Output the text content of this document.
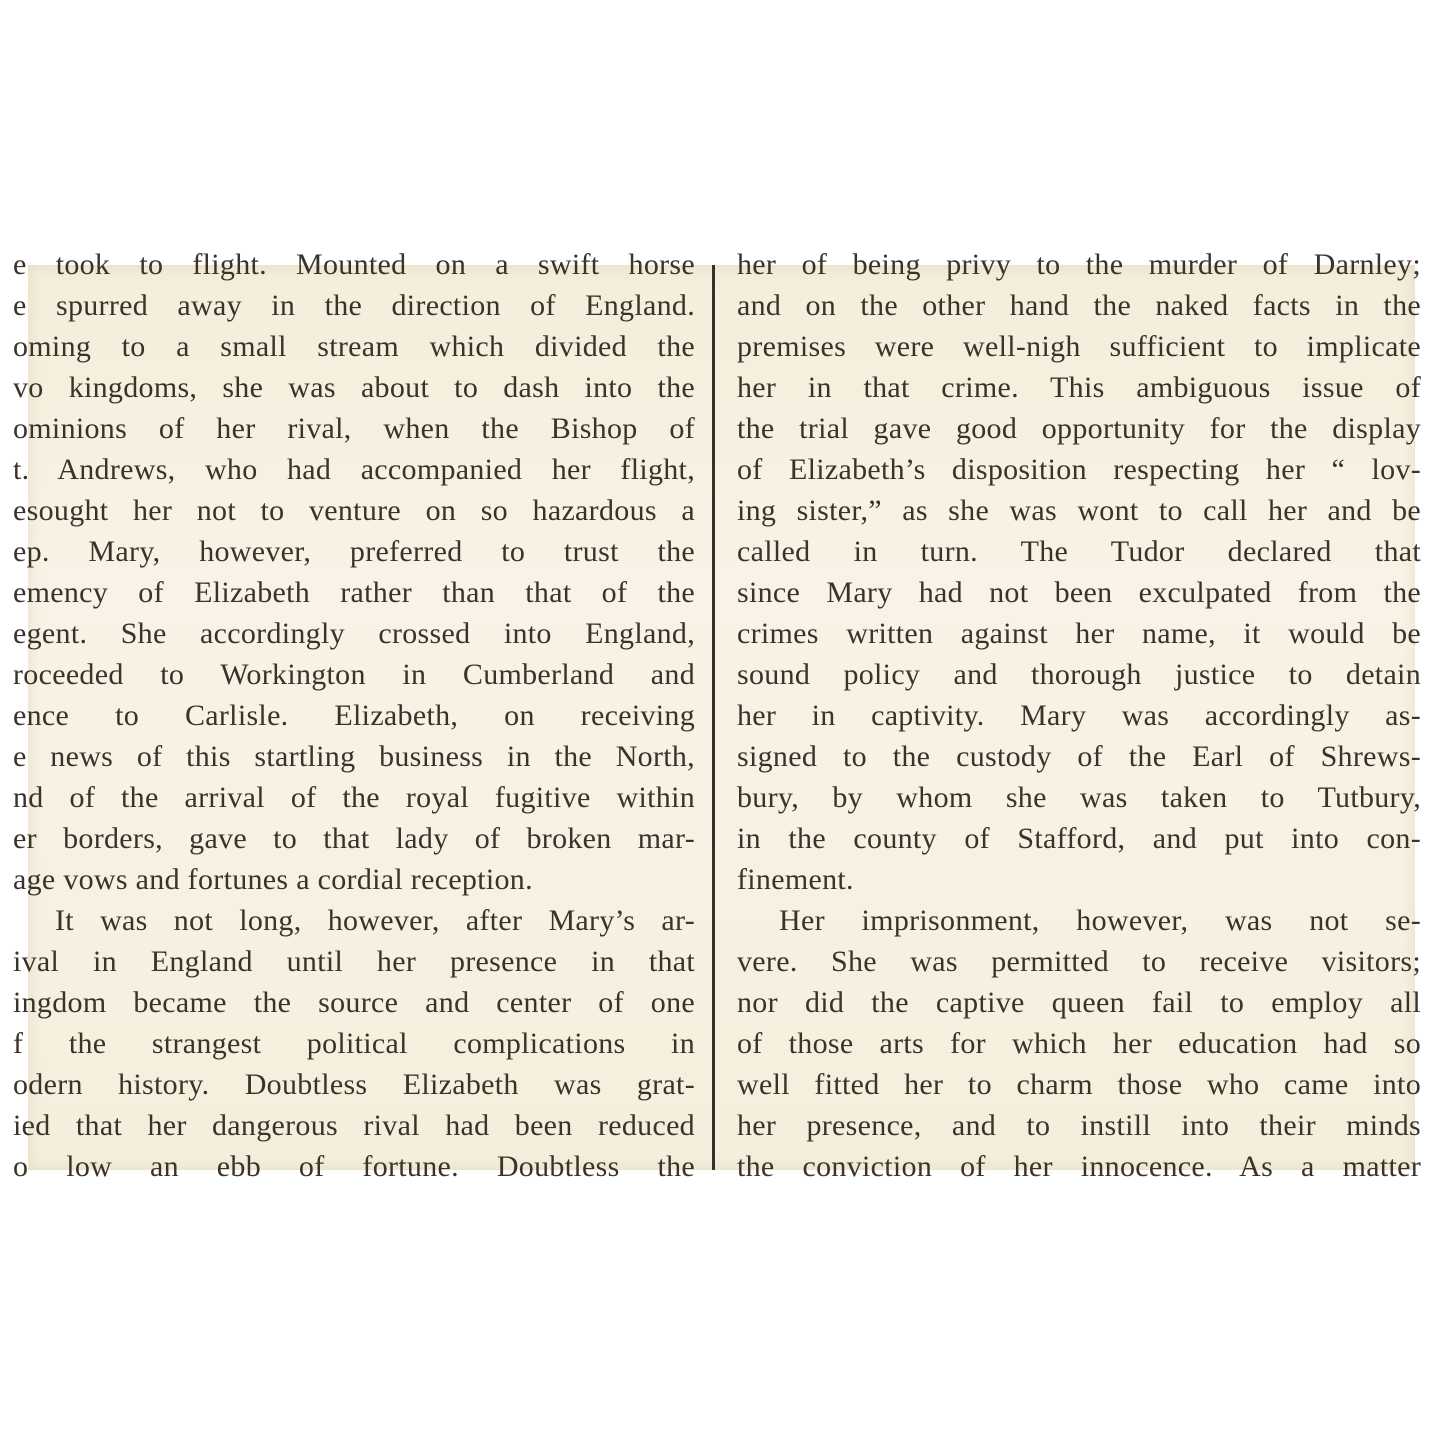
e took to flight. Mounted on a swift horse
e spurred away in the direction of England.
oming to a small stream which divided the
vo kingdoms, she was about to dash into the
ominions of her rival, when the Bishop of
t. Andrews, who had accompanied her flight,
esought her not to venture on so hazardous a
ep. Mary, however, preferred to trust the
emency of Elizabeth rather than that of the
egent. She accordingly crossed into England,
roceeded to Workington in Cumberland and
ence to Carlisle. Elizabeth, on receiving
e news of this startling business in the North,
nd of the arrival of the royal fugitive within
er borders, gave to that lady of broken mar-
age vows and fortunes a cordial reception.
It was not long, however, after Mary’s ar-
ival in England until her presence in that
ingdom became the source and center of one
f the strangest political complications in
odern history. Doubtless Elizabeth was grat-
ied that her dangerous rival had been reduced
o low an ebb of fortune. Doubtless the
her of being privy to the murder of Darnley;
and on the other hand the naked facts in the
premises were well-nigh sufficient to implicate
her in that crime. This ambiguous issue of
the trial gave good opportunity for the display
of Elizabeth’s disposition respecting her “ lov-
ing sister,” as she was wont to call her and be
called in turn. The Tudor declared that
since Mary had not been exculpated from the
crimes written against her name, it would be
sound policy and thorough justice to detain
her in captivity. Mary was accordingly as-
signed to the custody of the Earl of Shrews-
bury, by whom she was taken to Tutbury,
in the county of Stafford, and put into con-
finement.
Her imprisonment, however, was not se-
vere. She was permitted to receive visitors;
nor did the captive queen fail to employ all
of those arts for which her education had so
well fitted her to charm those who came into
her presence, and to instill into their minds
the conviction of her innocence. As a matter
